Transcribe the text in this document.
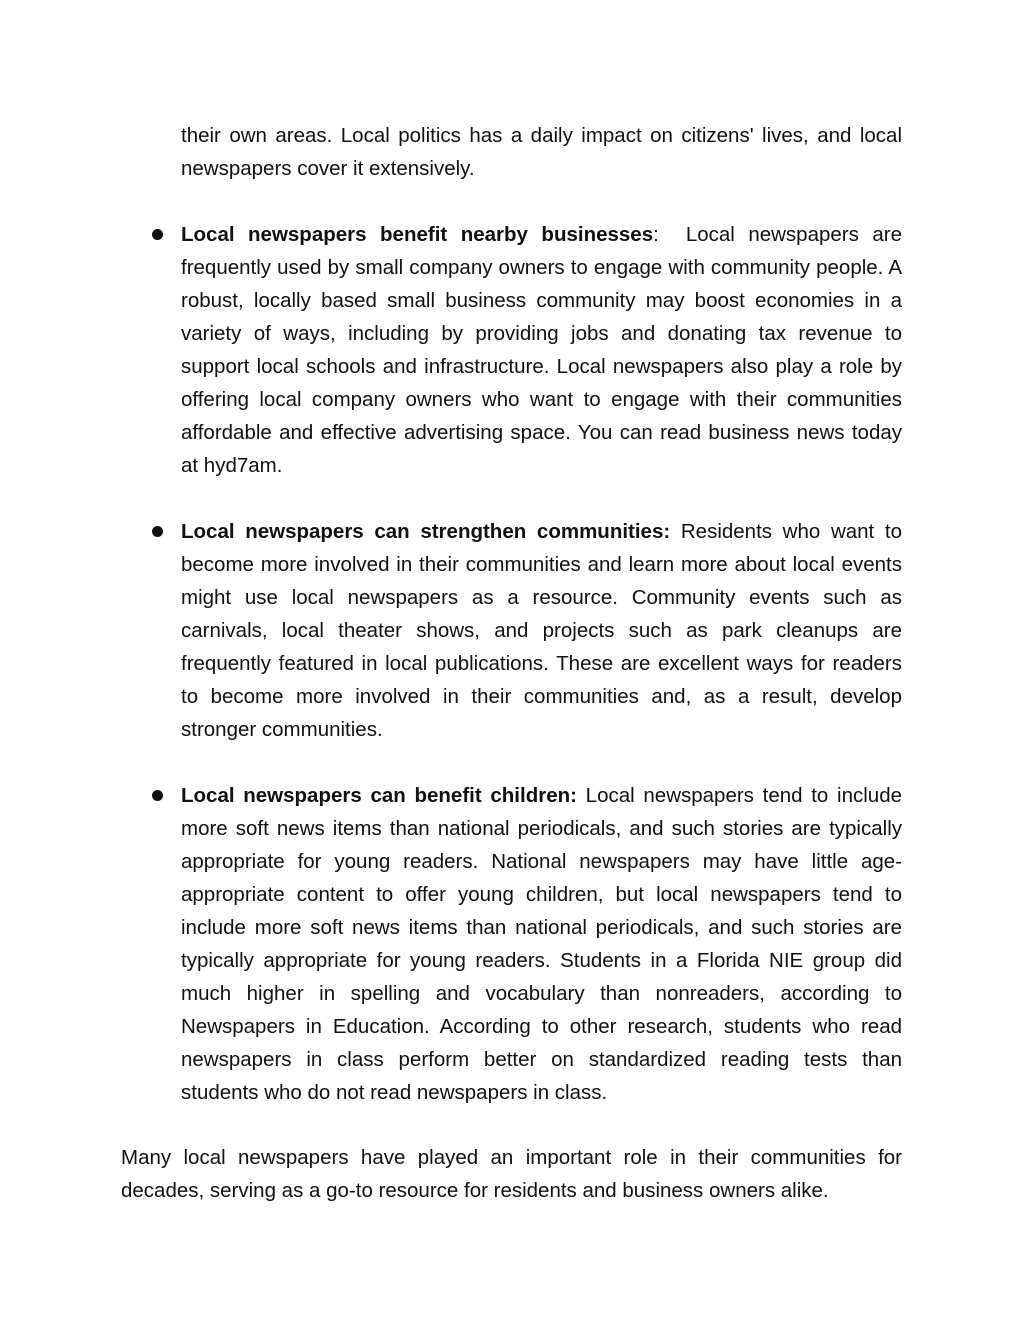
their own areas. Local politics has a daily impact on citizens' lives, and local newspapers cover it extensively.

Local newspapers benefit nearby businesses: Local newspapers are frequently used by small company owners to engage with community people. A robust, locally based small business community may boost economies in a variety of ways, including by providing jobs and donating tax revenue to support local schools and infrastructure. Local newspapers also play a role by offering local company owners who want to engage with their communities affordable and effective advertising space. You can read business news today at hyd7am.

Local newspapers can strengthen communities: Residents who want to become more involved in their communities and learn more about local events might use local newspapers as a resource. Community events such as carnivals, local theater shows, and projects such as park cleanups are frequently featured in local publications. These are excellent ways for readers to become more involved in their communities and, as a result, develop stronger communities.

Local newspapers can benefit children: Local newspapers tend to include more soft news items than national periodicals, and such stories are typically appropriate for young readers. National newspapers may have little age-appropriate content to offer young children, but local newspapers tend to include more soft news items than national periodicals, and such stories are typically appropriate for young readers. Students in a Florida NIE group did much higher in spelling and vocabulary than nonreaders, according to Newspapers in Education. According to other research, students who read newspapers in class perform better on standardized reading tests than students who do not read newspapers in class.

Many local newspapers have played an important role in their communities for decades, serving as a go-to resource for residents and business owners alike.
